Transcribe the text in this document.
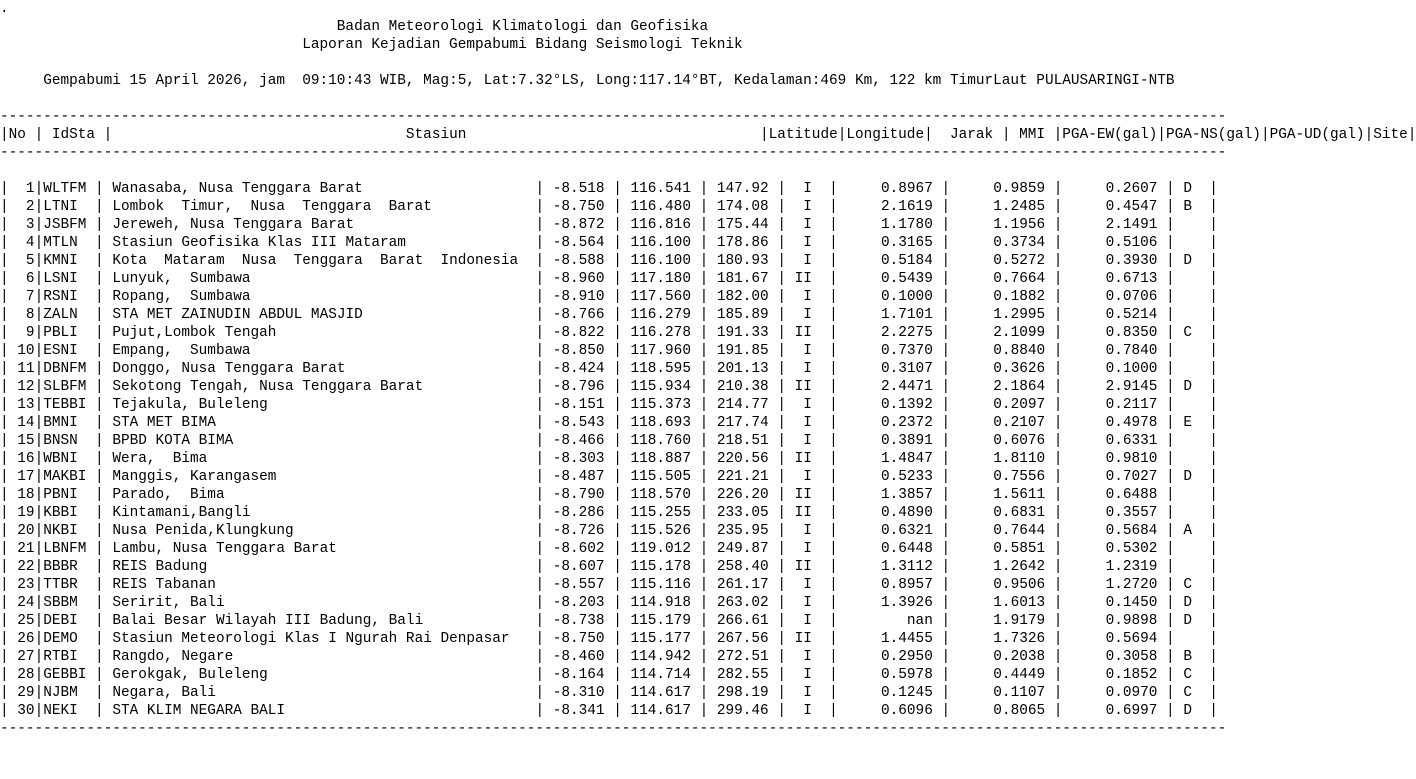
.
Badan Meteorologi Klimatologi dan Geofisika
Laporan Kejadian Gempabumi Bidang Seismologi Teknik
Gempabumi 15 April 2026, jam  09:10:43 WIB, Mag:5, Lat:7.32°LS, Long:117.14°BT, Kedalaman:469 Km, 122 km TimurLaut PULAUSARINGI-NTB
----------------------------------------------------------------------------------------------------------------------------------------------
|No | IdSta |                                  Stasiun                                  |Latitude|Longitude|  Jarak | MMI |PGA-EW(gal)|PGA-NS(gal)|PGA-UD(gal)|Site|
----------------------------------------------------------------------------------------------------------------------------------------------
|  1|WLTFM | Wanasaba, Nusa Tenggara Barat                    | -8.518 | 116.541 | 147.92 |  I  |     0.8967 |     0.9859 |     0.2607 | D  |
|  2|LTNI  | Lombok  Timur,  Nusa  Tenggara  Barat            | -8.750 | 116.480 | 174.08 |  I  |     2.1619 |     1.2485 |     0.4547 | B  |
|  3|JSBFM | Jereweh, Nusa Tenggara Barat                     | -8.872 | 116.816 | 175.44 |  I  |     1.1780 |     1.1956 |     2.1491 |    |
|  4|MTLN  | Stasiun Geofisika Klas III Mataram               | -8.564 | 116.100 | 178.86 |  I  |     0.3165 |     0.3734 |     0.5106 |    |
|  5|KMNI  | Kota  Mataram  Nusa  Tenggara  Barat  Indonesia  | -8.588 | 116.100 | 180.93 |  I  |     0.5184 |     0.5272 |     0.3930 | D  |
|  6|LSNI  | Lunyuk,  Sumbawa                                 | -8.960 | 117.180 | 181.67 | II  |     0.5439 |     0.7664 |     0.6713 |    |
|  7|RSNI  | Ropang,  Sumbawa                                 | -8.910 | 117.560 | 182.00 |  I  |     0.1000 |     0.1882 |     0.0706 |    |
|  8|ZALN  | STA MET ZAINUDIN ABDUL MASJID                    | -8.766 | 116.279 | 185.89 |  I  |     1.7101 |     1.2995 |     0.5214 |    |
|  9|PBLI  | Pujut,Lombok Tengah                              | -8.822 | 116.278 | 191.33 | II  |     2.2275 |     2.1099 |     0.8350 | C  |
| 10|ESNI  | Empang,  Sumbawa                                 | -8.850 | 117.960 | 191.85 |  I  |     0.7370 |     0.8840 |     0.7840 |    |
| 11|DBNFM | Donggo, Nusa Tenggara Barat                      | -8.424 | 118.595 | 201.13 |  I  |     0.3107 |     0.3626 |     0.1000 |    |
| 12|SLBFM | Sekotong Tengah, Nusa Tenggara Barat             | -8.796 | 115.934 | 210.38 | II  |     2.4471 |     2.1864 |     2.9145 | D  |
| 13|TEBBI | Tejakula, Buleleng                               | -8.151 | 115.373 | 214.77 |  I  |     0.1392 |     0.2097 |     0.2117 |    |
| 14|BMNI  | STA MET BIMA                                     | -8.543 | 118.693 | 217.74 |  I  |     0.2372 |     0.2107 |     0.4978 | E  |
| 15|BNSN  | BPBD KOTA BIMA                                   | -8.466 | 118.760 | 218.51 |  I  |     0.3891 |     0.6076 |     0.6331 |    |
| 16|WBNI  | Wera,  Bima                                      | -8.303 | 118.887 | 220.56 | II  |     1.4847 |     1.8110 |     0.9810 |    |
| 17|MAKBI | Manggis, Karangasem                              | -8.487 | 115.505 | 221.21 |  I  |     0.5233 |     0.7556 |     0.7027 | D  |
| 18|PBNI  | Parado,  Bima                                    | -8.790 | 118.570 | 226.20 | II  |     1.3857 |     1.5611 |     0.6488 |    |
| 19|KBBI  | Kintamani,Bangli                                 | -8.286 | 115.255 | 233.05 | II  |     0.4890 |     0.6831 |     0.3557 |    |
| 20|NKBI  | Nusa Penida,Klungkung                            | -8.726 | 115.526 | 235.95 |  I  |     0.6321 |     0.7644 |     0.5684 | A  |
| 21|LBNFM | Lambu, Nusa Tenggara Barat                       | -8.602 | 119.012 | 249.87 |  I  |     0.6448 |     0.5851 |     0.5302 |    |
| 22|BBBR  | REIS Badung                                      | -8.607 | 115.178 | 258.40 | II  |     1.3112 |     1.2642 |     1.2319 |    |
| 23|TTBR  | REIS Tabanan                                     | -8.557 | 115.116 | 261.17 |  I  |     0.8957 |     0.9506 |     1.2720 | C  |
| 24|SBBM  | Seririt, Bali                                    | -8.203 | 114.918 | 263.02 |  I  |     1.3926 |     1.6013 |     0.1450 | D  |
| 25|DEBI  | Balai Besar Wilayah III Badung, Bali             | -8.738 | 115.179 | 266.61 |  I  |        nan |     1.9179 |     0.9898 | D  |
| 26|DEMO  | Stasiun Meteorologi Klas I Ngurah Rai Denpasar   | -8.750 | 115.177 | 267.56 | II  |     1.4455 |     1.7326 |     0.5694 |    |
| 27|RTBI  | Rangdo, Negare                                   | -8.460 | 114.942 | 272.51 |  I  |     0.2950 |     0.2038 |     0.3058 | B  |
| 28|GEBBI | Gerokgak, Buleleng                               | -8.164 | 114.714 | 282.55 |  I  |     0.5978 |     0.4449 |     0.1852 | C  |
| 29|NJBM  | Negara, Bali                                     | -8.310 | 114.617 | 298.19 |  I  |     0.1245 |     0.1107 |     0.0970 | C  |
| 30|NEKI  | STA KLIM NEGARA BALI                             | -8.341 | 114.617 | 299.46 |  I  |     0.6096 |     0.8065 |     0.6997 | D  |
----------------------------------------------------------------------------------------------------------------------------------------------
